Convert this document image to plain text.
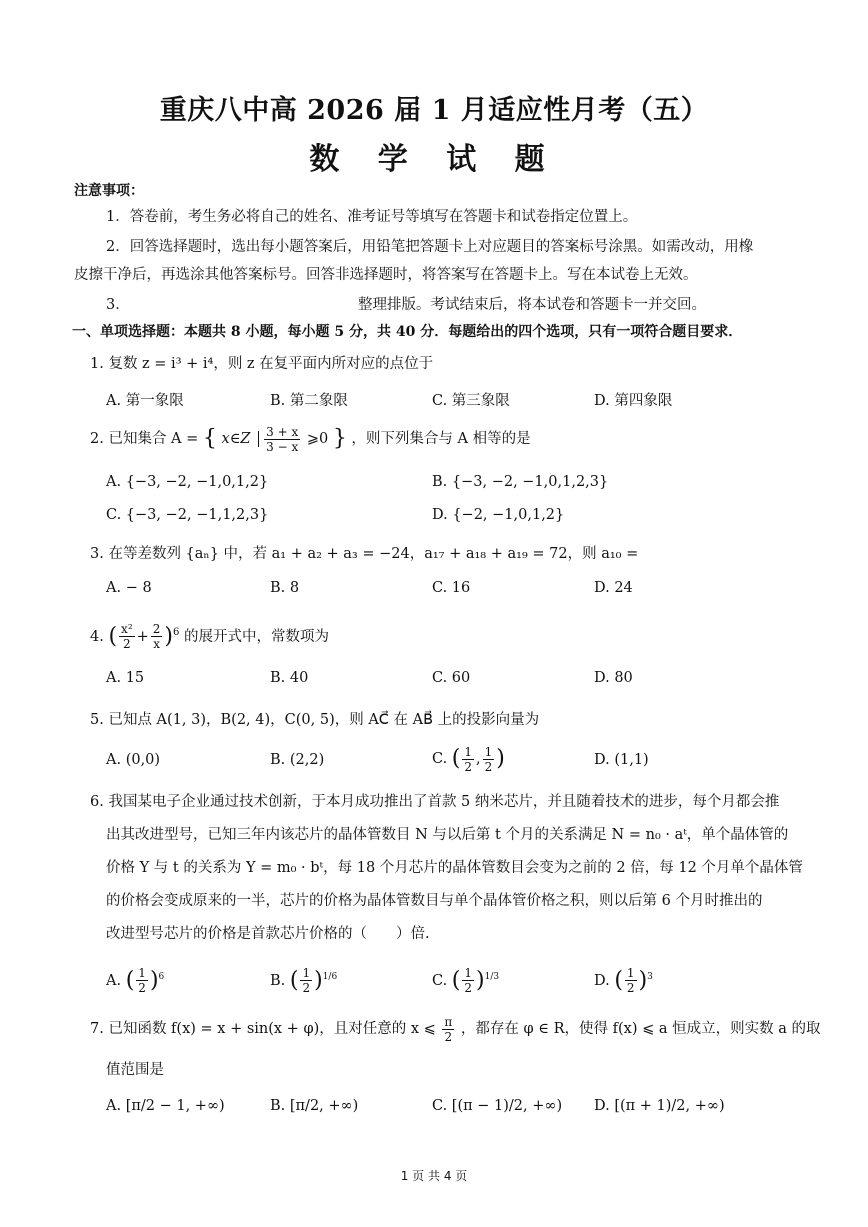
重庆八中高 2026 届 1 月适应性月考（五）
数 学 试 题
注意事项：
1．答卷前，考生务必将自己的姓名、准考证号等填写在答题卡和试卷指定位置上。
2．回答选择题时，选出每小题答案后，用铅笔把答题卡上对应题目的答案标号涂黑。如需改动，用橡
皮擦干净后，再选涂其他答案标号。回答非选择题时，将答案写在答题卡上。写在本试卷上无效。
3．	整理排版。考试结束后，将本试卷和答题卡一并交回。
一、单项选择题：本题共 8 小题，每小题 5 分，共 40 分．每题给出的四个选项，只有一项符合题目要求．
1. 复数 z = i³ + i⁴，则 z 在复平面内所对应的点位于
A. 第一象限	B. 第二象限	C. 第三象限	D. 第四象限
2. 已知集合 A = { x∈Z $\frac{3 + x}{3 - x}$ ⩾0 } ，则下列集合与 A 相等的是
A. {−3, −2, −1,0,1,2}	B. {−3, −2, −1,0,1,2,3}
C. {−3, −2, −1,1,2,3}	D. {−2, −1,0,1,2}
3. 在等差数列 {aₙ} 中，若 a₁ + a₂ + a₃ = −24，a₁₇ + a₁₈ + a₁₉ = 72，则 a₁₀ =
A. − 8	B. 8	C. 16	D. 24
4. ( $\frac{\text{x²}}{2} + \frac{2}{x} )^6$ 的展开式中，常数项为
A. 15	B. 40	C. 60	D. 80
5. 已知点 A(1, 3)，B(2, 4)，C(0, 5)，则 AC⃗ 在 AB⃗ 上的投影向量为
A. (0,0)	B. (2,2)	C. ( $\frac{1}{2}$ , $\frac{1}{2}$ )	D. (1,1)
6. 我国某电子企业通过技术创新，于本月成功推出了首款 5 纳米芯片，并且随着技术的进步，每个月都会推
出其改进型号，已知三年内该芯片的晶体管数目 N 与以后第 t 个月的关系满足 N = n₀ · aᵗ，单个晶体管的
价格 Y 与 t 的关系为 Y = m₀ · bᵗ，每 18 个月芯片的晶体管数目会变为之前的 2 倍，每 12 个月单个晶体管
的价格会变成原来的一半，芯片的价格为晶体管数目与单个晶体管价格之积，则以后第 6 个月时推出的
改进型号芯片的价格是首款芯片价格的（　　）倍.
A. ( $\frac{1}{2} )^6$	B. ( $\frac{1}{2} )^{1/6}$	C. ( $\frac{1}{2} )^{1/3}$	D. ( $\frac{1}{2} )^3$
7. 已知函数 f(x) = x + sin(x + φ)，且对任意的 x ⩽ $\frac{\pi}{2}$ ，都存在 φ ∈ R，使得 f(x) ⩽ a 恒成立，则实数 a 的取
值范围是
A. [π/2 − 1, +∞)	B. [π/2, +∞)	C. [(π − 1)/2, +∞) D. [(π + 1)/2, +∞)
1 页 共 4 页
